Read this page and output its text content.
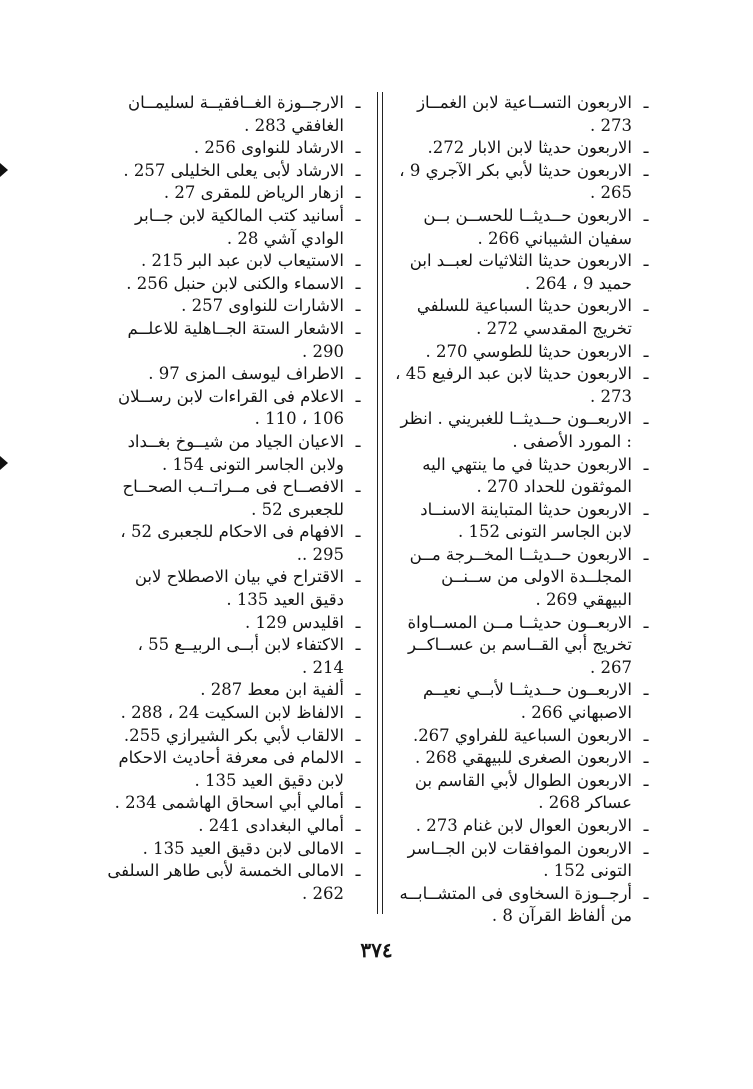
ـ
الاربعون التســاعية لابن الغمــاز 273 .
ـ
الاربعون حديثا لابن الابار 272.
ـ
الاربعون حديثا لأبي بكر الآجري 9 ، 265 .
ـ
الاربعون حــديثــا للحســن بــن سفيان الشيباني 266 .
ـ
الاربعون حديثا الثلاثيات لعبــد ابن حميد 9 ، 264 .
ـ
الاربعون حديثا السباعية للسلفي تخريج المقدسي 272 .
ـ
الاربعون حديثا للطوسي 270 .
ـ
الاربعون حديثا لابن عبد الرفيع 45 ، 273 .
ـ
الاربعــون حــديثــا للغبريني . انظر : المورد الأصفى .
ـ
الاربعون حديثا في ما ينتهي اليه الموثقون للحداد 270 .
ـ
الاربعون حديثا المتباينة الاسنــاد لابن الجاسر التونى 152 .
ـ
الاربعون حــديثــا المخــرجة مــن المجلــدة الاولى من ســنــن البيهقي 269 .
ـ
الاربعــون حديثــا مــن المســاواة تخريج أبي القــاسم بن عســاكــر 267 .
ـ
الاربعــون حــديثــا لأبــي نعيــم الاصبهاني 266 .
ـ
الاربعون السباعية للفراوي 267.
ـ
الاربعون الصغرى للبيهقي 268 .
ـ
الاربعون الطوال لأبي القاسم بن عساكر 268 .
ـ
الاربعون العوال لابن غنام 273 .
ـ
الاربعون الموافقات لابن الجــاسر التونى 152 .
ـ
أرجــوزة السخاوى فى المتشــابــه من ألفاظ القرآن 8 .
ـ
الارجــوزة الغــافقيــة لسليمــان الغافقي 283 .
ـ
الارشاد للنواوى 256 .
ـ
الارشاد لأبى يعلى الخليلى 257 .
ـ
ازهار الرياض للمقرى 27 .
ـ
أسانيد كتب المالكية لابن جــابر الوادي آشي 28 .
ـ
الاستيعاب لابن عبد البر 215 .
ـ
الاسماء والكنى لابن حنبل 256 .
ـ
الاشارات للنواوى 257 .
ـ
الاشعار الستة الجــاهلية للاعلــم 290 .
ـ
الاطراف ليوسف المزى 97 .
ـ
الاعلام فى القراءات لابن رســلان 106 ، 110 .
ـ
الاعيان الجياد من شيــوخ بغــداد ولابن الجاسر التونى 154 .
ـ
الافصــاح فى مــراتــب الصحــاح للجعبرى 52 .
ـ
الافهام فى الاحكام للجعبرى 52 ، 295 ..
ـ
الاقتراح في بيان الاصطلاح لابن دقيق العيد 135 .
ـ
اقليدس 129 .
ـ
الاكتفاء لابن أبــى الربيــع 55 ، 214 .
ـ
ألفية ابن معط 287 .
ـ
الالفاظ لابن السكيت 24 ، 288 .
ـ
الالقاب لأبي بكر الشيرازي 255.
ـ
الالمام فى معرفة أحاديث الاحكام لابن دقيق العيد 135 .
ـ
أمالي أبي اسحاق الهاشمى 234 .
ـ
أمالي البغدادى 241 .
ـ
الامالى لابن دقيق العيد 135 .
ـ
الامالى الخمسة لأبى طاهر السلفى 262 .
٣٧٤
